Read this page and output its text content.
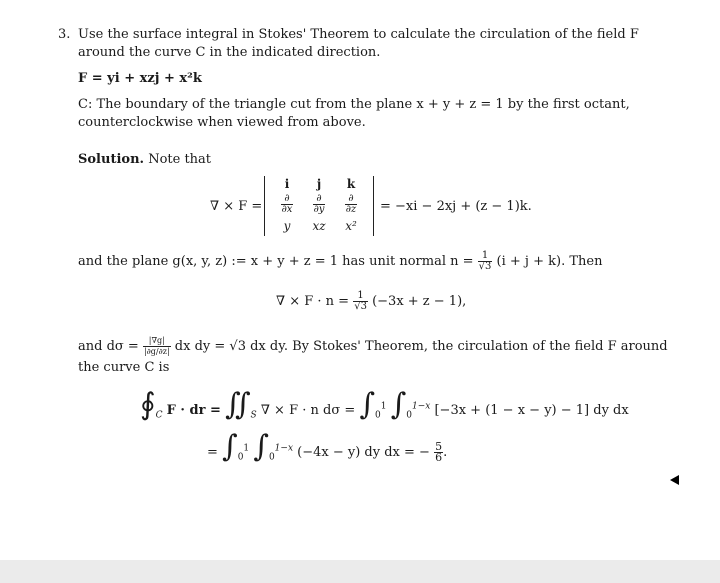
3. Use the surface integral in Stokes' Theorem to calculate the circulation of the field F
around the curve C in the indicated direction.
F = yi + xzj + x²k
C: The boundary of the triangle cut from the plane x + y + z = 1 by the first octant,
counterclockwise when viewed from above.
Solution. Note that
∇ × F =
i	j	k
$\frac{\partial}{\partial x} \frac{\partial}{\partial y} \frac{\partial}{\partial z}$
y	xz	x²
= −xi − 2xj + (z − 1)k.
and the plane g(x, y, z) := x + y + z = 1 has unit normal $n = \frac{1}{√3} (i + j + k)$. Then
∇ × $F \cdot n = \frac{1}{√3} (-3x + z - 1)$,
and $d\sigma = \frac{|\nabla g|}{|\partial g/\partial z|}$ dx dy = √3 dx dy. By Stokes' Theorem, the circulation of the field F around
the curve C is
$∮_C$ F · dr = $∬_S$ ∇ × F · n $d\sigma = \int_0^1$ $\int_0^{1-x}$ [−3x + (1 − x − y) − 1] dy dx
= $\int_0^1$ $\int_0^{1-x}$ (−4x − y) dy dx = − $\frac{5}{6}$ .
